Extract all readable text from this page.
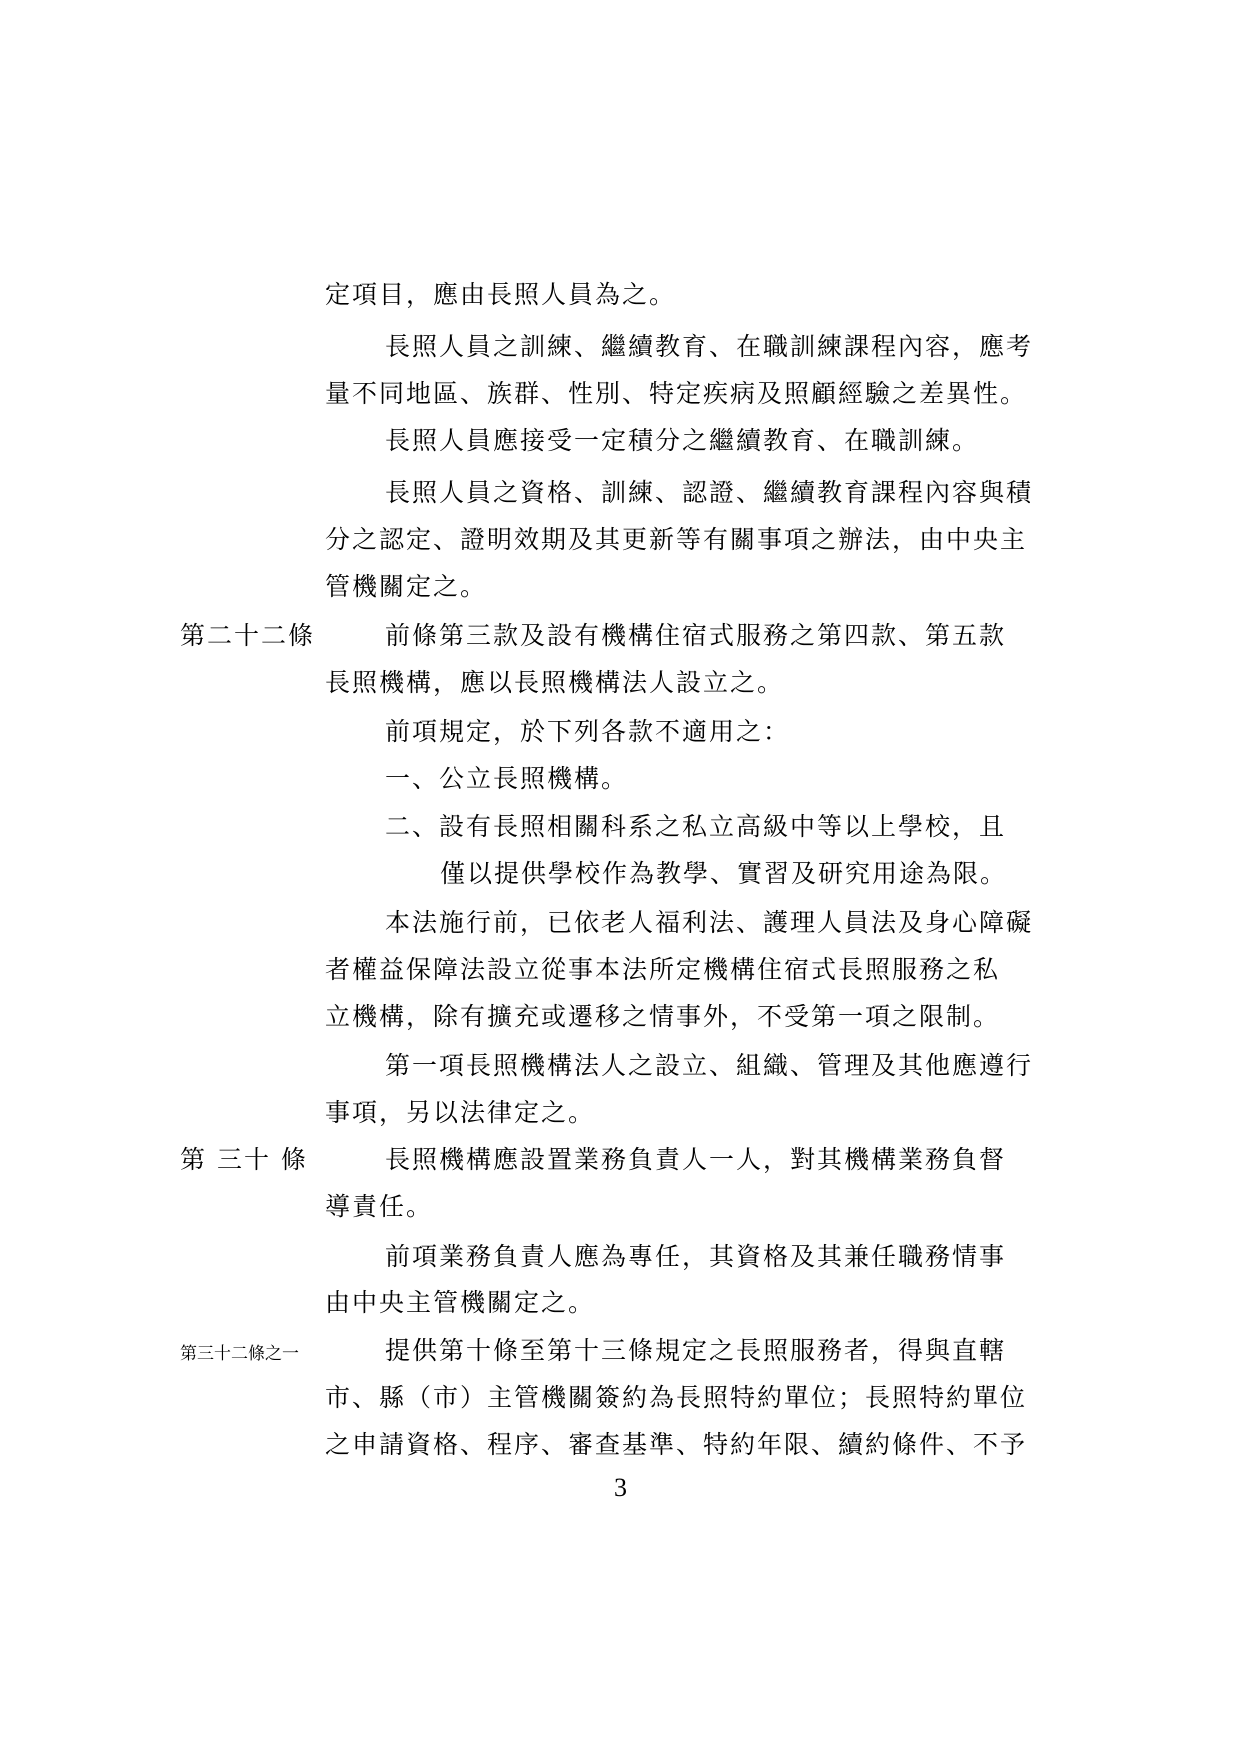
定項目，應由長照人員為之。
長照人員之訓練、繼續教育、在職訓練課程內容，應考
量不同地區、族群、性別、特定疾病及照顧經驗之差異性。
長照人員應接受一定積分之繼續教育、在職訓練。
長照人員之資格、訓練、認證、繼續教育課程內容與積
分之認定、證明效期及其更新等有關事項之辦法，由中央主
管機關定之。
第二十二條	前條第三款及設有機構住宿式服務之第四款、第五款
長照機構，應以長照機構法人設立之。
前項規定，於下列各款不適用之：
一、公立長照機構。
二、設有長照相關科系之私立高級中等以上學校，且
僅以提供學校作為教學、實習及研究用途為限。
本法施行前，已依老人福利法、護理人員法及身心障礙
者權益保障法設立從事本法所定機構住宿式長照服務之私
立機構，除有擴充或遷移之情事外，不受第一項之限制。
第一項長照機構法人之設立、組織、管理及其他應遵行
事項，另以法律定之。
第 三十 條	長照機構應設置業務負責人一人，對其機構業務負督
導責任。
前項業務負責人應為專任，其資格及其兼任職務情事
由中央主管機關定之。
第三十二條之一	提供第十條至第十三條規定之長照服務者，得與直轄
市、縣（市）主管機關簽約為長照特約單位；長照特約單位
之申請資格、程序、審查基準、特約年限、續約條件、不予
3
